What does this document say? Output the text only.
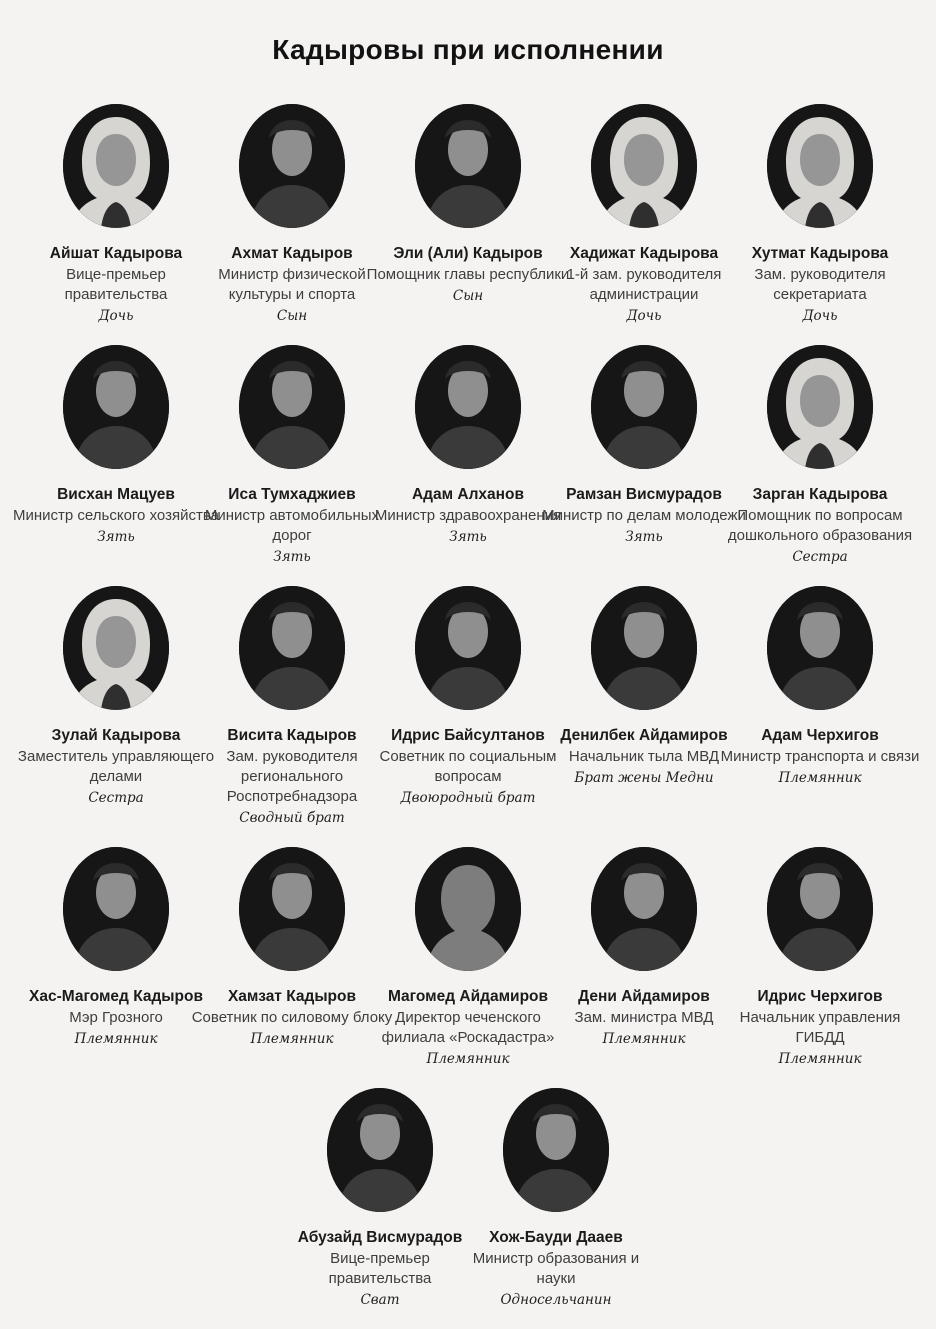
Кадыровы при исполнении
Айшат Кадырова
Вице-премьер правительства
Дочь
Ахмат Кадыров
Министр физической культуры и спорта
Сын
Эли (Али) Кадыров
Помощник главы республики
Сын
Хадижат Кадырова
1-й зам. руководителя администрации
Дочь
Хутмат Кадырова
Зам. руководителя секретариата
Дочь
Висхан Мацуев
Министр сельского хозяйства
Зять
Иса Тумхаджиев
Министр автомобильных дорог
Зять
Адам Алханов
Министр здравоохранения
Зять
Рамзан Висмурадов
Министр по делам молодежи
Зять
Зарган Кадырова
Помощник по вопросам дошкольного образования
Сестра
Зулай Кадырова
Заместитель управляющего делами
Сестра
Висита Кадыров
Зам. руководителя регионального Роспотребнадзора
Сводный брат
Идрис Байсултанов
Советник по социальным вопросам
Двоюродный брат
Денилбек Айдамиров
Начальник тыла МВД
Брат жены Медни
Адам Черхигов
Министр транспорта и связи
Племянник
Хас-Магомед Кадыров
Мэр Грозного
Племянник
Хамзат Кадыров
Советник по силовому блоку
Племянник
Магомед Айдамиров
Директор чеченского филиала «Роскадастра»
Племянник
Дени Айдамиров
Зам. министра МВД
Племянник
Идрис Черхигов
Начальник управления ГИБДД
Племянник
Абузайд Висмурадов
Вице-премьер правительства
Сват
Хож-Бауди Дааев
Министр образования и науки
Односельчанин
